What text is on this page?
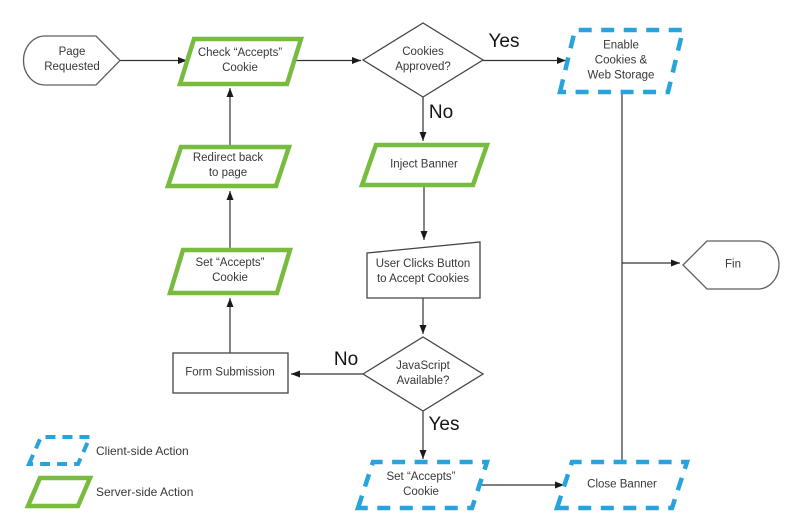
Page
Requested
Check “Accepts”
Cookie
Cookies
Approved?
Enable
Cookies &
Web Storage
Inject Banner
User Clicks Button
to Accept Cookies
JavaScript
Available?
Form Submission
Set “Accepts”
Cookie
Redirect back
to page
Set “Accepts”
Cookie
Close Banner
Fin
Yes
No
No
Yes
Client-side Action
Server-side Action
